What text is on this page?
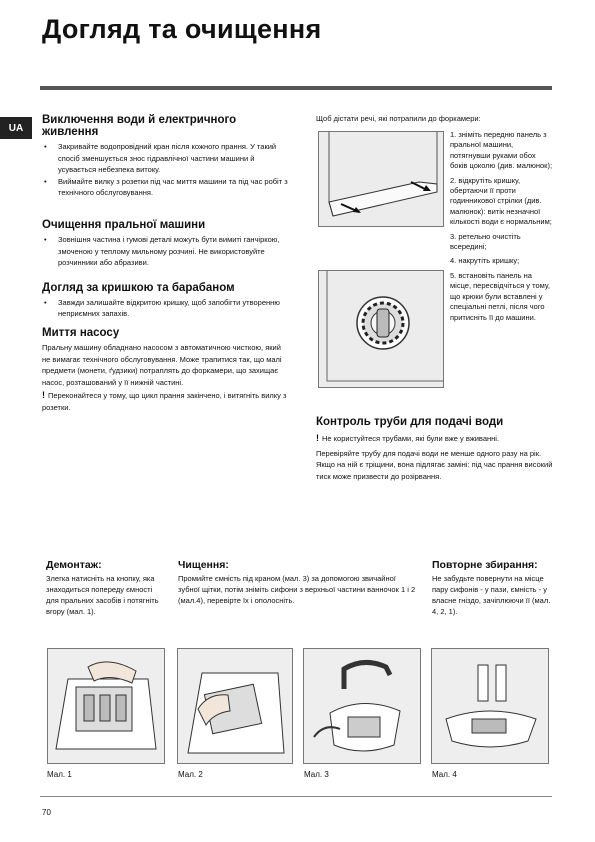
Догляд та очищення
UA
Виключення води й електричного живлення
• Закривайте водопровідний кран після кожного прання. У такий спосіб зменшується знос гідравлічної частини машини й усувається небезпека витоку.
• Виймайте вилку з розетки під час миття машини та під час робіт з технічного обслуговування.
Очищення пральної машини
• Зовнішня частина і гумові деталі можуть бути вимиті ганчіркою, змоченою у теплому мильному розчині. Не використовуйте розчинники або абразиви.
Догляд за кришкою та барабаном
• Завжди залишайте відкритою кришку, щоб запобігти утворенню неприємних запахів.
Миття насосу
Пральну машину обладнано насосом з автоматичною чисткою, який не вимагає технічного обслуговування. Може трапитися так, що малі предмети (монети, ґудзики) потраплять до форкамери, що захищає насос, розташований у її нижній частині.
! Переконайтеся у тому, що цикл прання закінчено, і витягніть вилку з розетки.
Щоб дістати речі, які потрапили до форкамери:
1. зніміть передню панель з пральної машини, потягнувши руками обох боків цоколю (див. малюнок);
2. відкрутіть кришку, обертаючи її проти годинникової стрілки (див. малюнок): витік незначної кількості води є нормальним;
3. ретельно очистіть всередині;
4. накрутіть кришку;
5. встановіть панель на місце, пересвідчіться у тому, що крюки були вставлені у спеціальні петлі, після чого притисніть її до машини.
Контроль труби для подачі води
! Не користуйтеся трубами, які були вже у вживанні.
Перевіряйте трубу для подачі води не менше одного разу на рік. Якщо на ній є тріщини, вона підлягає заміні: під час прання високий тиск може призвести до розірвання.
Демонтаж:
Злегка натисніть на кнопку, яка знаходиться попереду ємності для пральних засобів і потягніть вгору (мал. 1).
Чищення:
Промийте ємність під краном (мал. 3) за допомогою звичайної зубної щітки, потім зніміть сифони з верхньої частини ванночок 1 і 2 (мал.4), перевірте їх і ополосніть.
Повторне збирання:
Не забудьте повернути на місце пару сифонів - у пази, ємність - у власне гніздо, зачіплюючи її (мал. 4, 2, 1).
Мал. 1	Мал. 2	Мал. 3	Мал. 4
70
